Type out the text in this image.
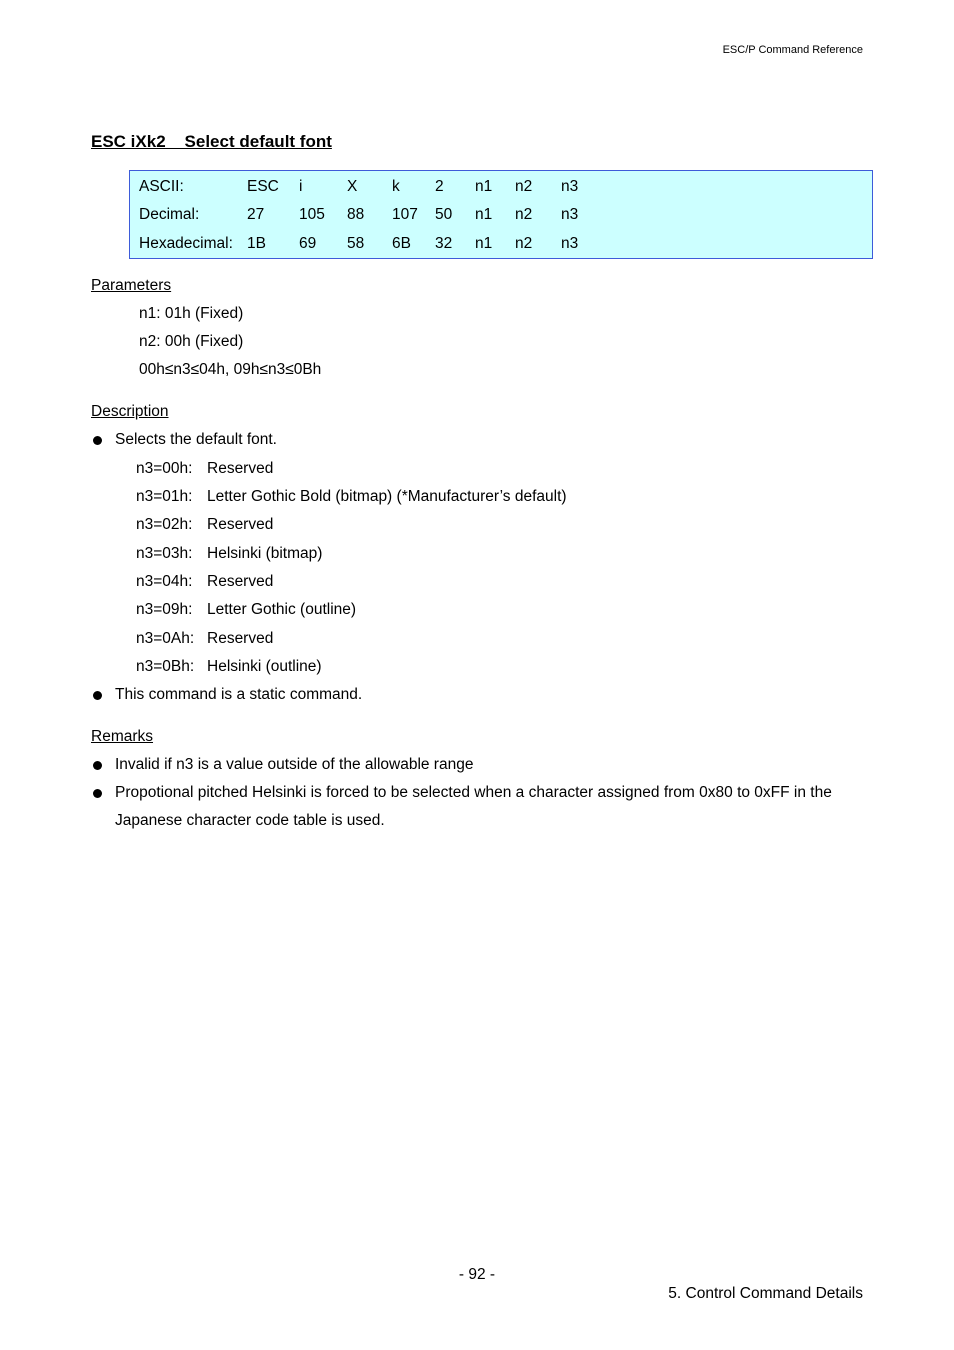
ESC/P Command Reference
ESC iXk2    Select default font
ASCII:	ESC i	X k 2 n1 n2 n3
Decimal:	27 105 88 107 50 n1 n2 n3
Hexadecimal: 1B 69 58 6B 32 n1 n2 n3
Parameters
n1: 01h (Fixed)
n2: 00h (Fixed)
00h≤n3≤04h, 09h≤n3≤0Bh
Description
Selects the default font.
n3=00h: Reserved
n3=01h: Letter Gothic Bold (bitmap) (*Manufacturer’s default)
n3=02h: Reserved
n3=03h: Helsinki (bitmap)
n3=04h: Reserved
n3=09h: Letter Gothic (outline)
n3=0Ah: Reserved
n3=0Bh: Helsinki (outline)
This command is a static command.
Remarks
Invalid if n3 is a value outside of the allowable range
Propotional pitched Helsinki is forced to be selected when a character assigned from 0x80 to 0xFF in the
Japanese character code table is used.
- 92 -
5. Control Command Details
